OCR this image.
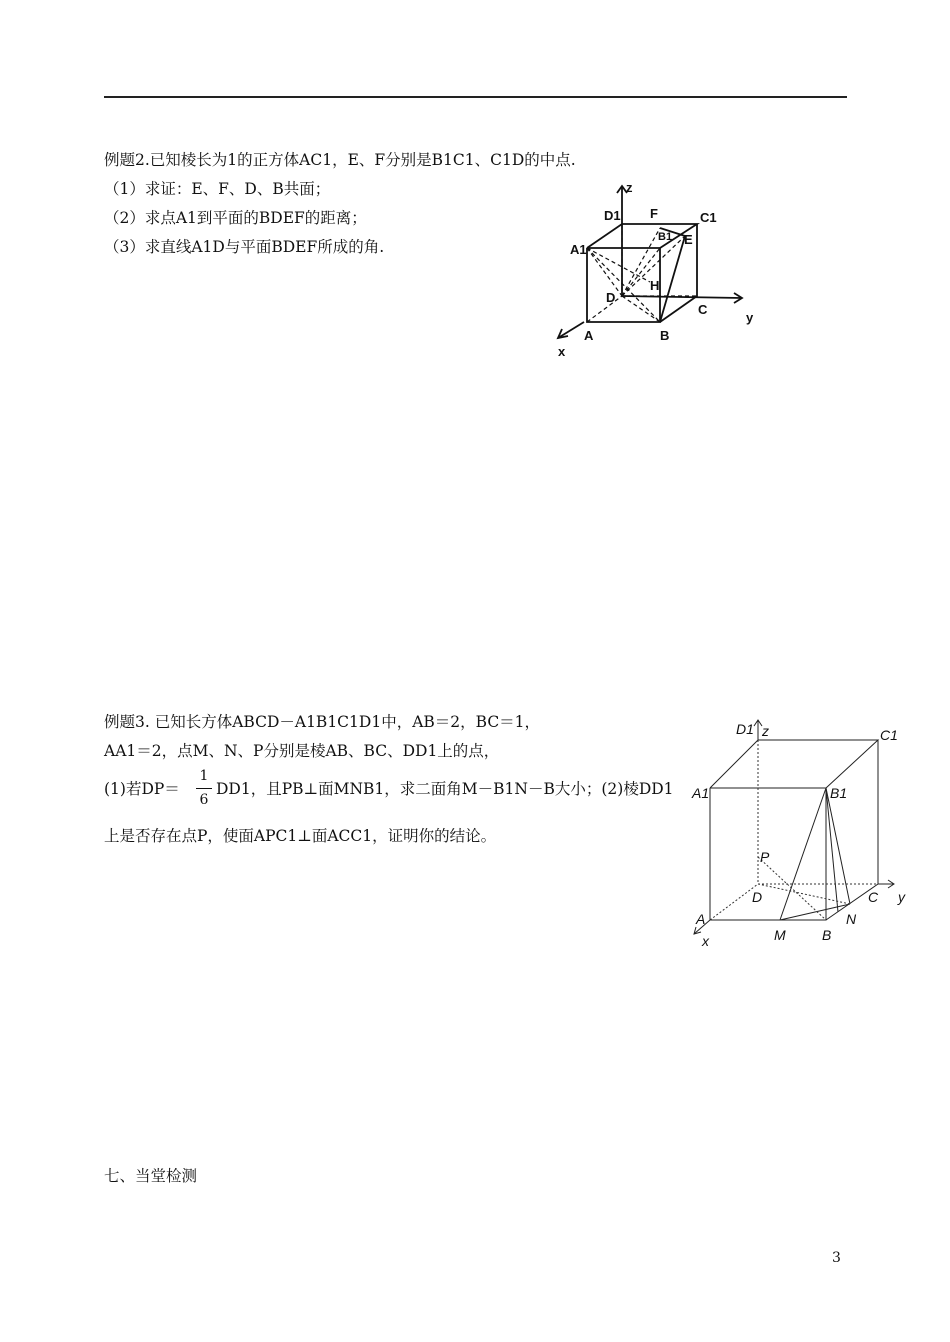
例题2.已知棱长为1的正方体AC1，E、F分别是B1C1、C1D的中点.
（1）求证：E、F、D、B共面；
（2）求点A1到平面的BDEF的距离；
（3）求直线A1D与平面BDEF所成的角.
z
D1 F	C1
B1 E
A1
D
H
C
y
A	B
x
例题3. 已知长方体ABCD－A1B1C1D1中，AB＝2，BC＝1，
AA1＝2，点M、N、P分别是棱AB、BC、DD1上的点，
(1)若DP＝
1
6
DD1，且PB⊥面MNB1，求二面角M－B1N－B大小；(2)棱DD1
上是否存在点P，使面APC1⊥面ACC1，证明你的结论。
D1 z	C1
A1	B1
P
D	C y
A	N
M	B
x
七、当堂检测
3
